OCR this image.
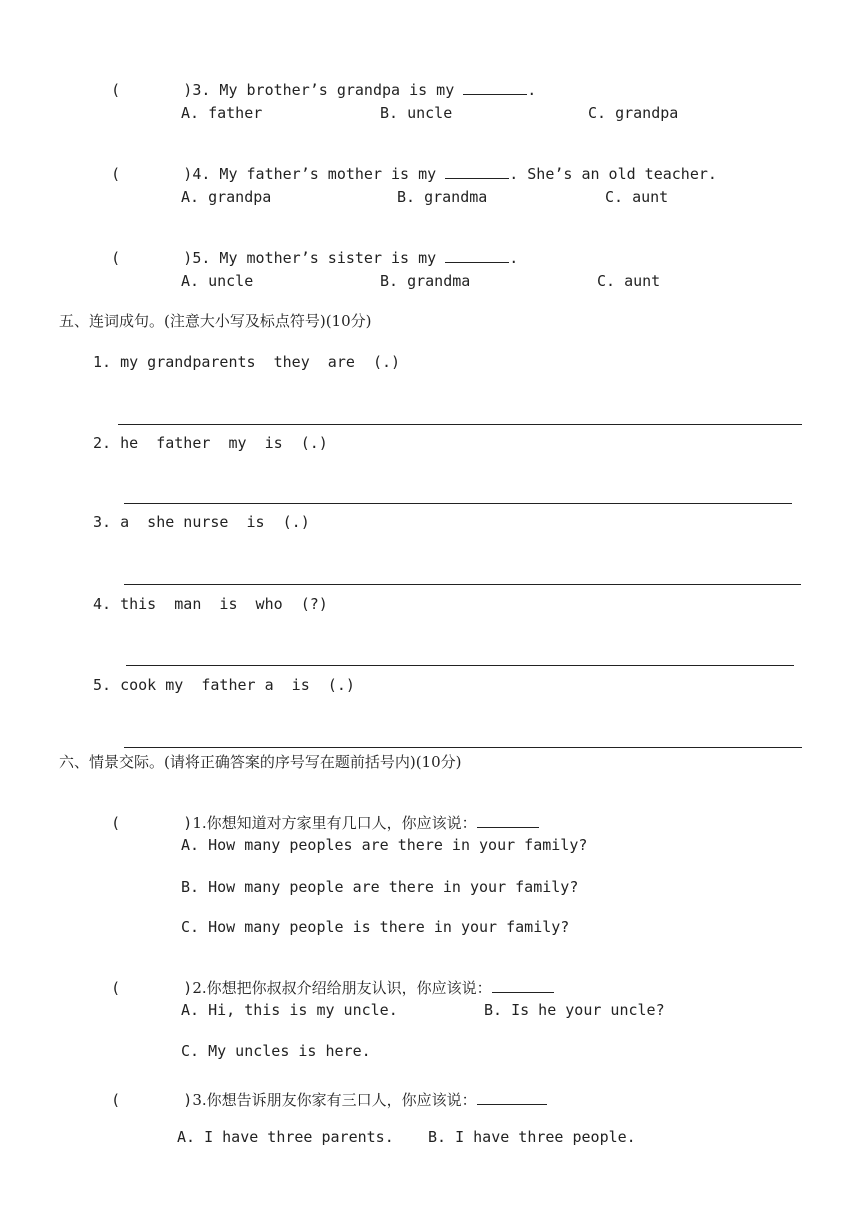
(       )3. My brother’s grandpa is my	.

A. father	B. uncle	C. grandpa

(       )4. My father’s mother is my	. She’s an old teacher.

A. grandpa	B. grandma	C. aunt

(       )5. My mother’s sister is my	.

A. uncle	B. grandma	C. aunt
五、连词成句。(注意大小写及标点符号)(10分)
1. my grandparents  they  are  (.)
2. he  father  my  is  (.)
3. a  she nurse  is  (.)
4. this  man  is  who  (?)
5. cook my  father a  is  (.)
六、情景交际。(请将正确答案的序号写在题前括号内)(10分)

(       )1.你想知道对方家里有几口人，你应该说：

A. How many peoples are there in your family?
B. How many people are there in your family?
C. How many people is there in your family?

(       )2.你想把你叔叔介绍给朋友认识，你应该说：

A. Hi, this is my uncle.	B. Is he your uncle?
C. My uncles is here.

(       )3.你想告诉朋友你家有三口人，你应该说：

A. I have three parents. B. I have three people.
